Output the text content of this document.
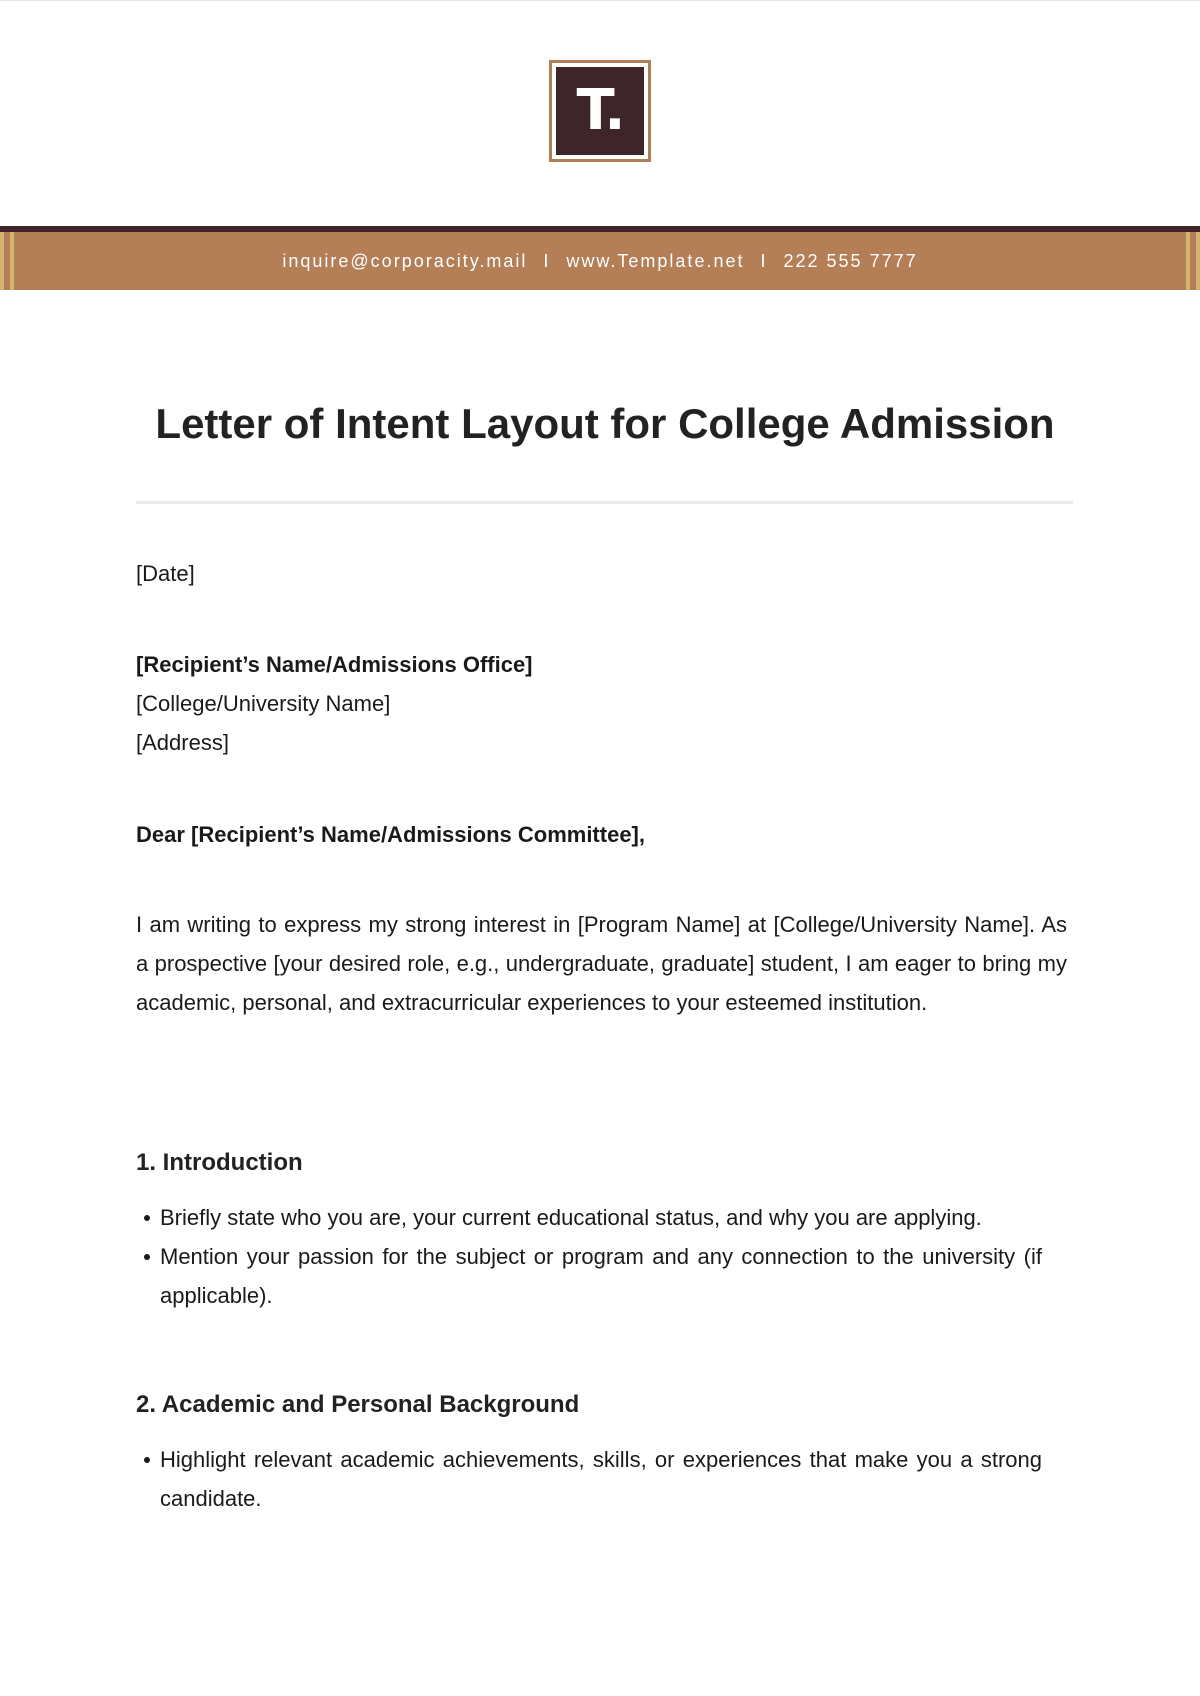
T.
inquire@corporacity.mail I www.Template.net I 222 555 7777
Letter of Intent Layout for College Admission

[Date]

[Recipient’s Name/Admissions Office]

[College/University Name]

[Address]

Dear [Recipient’s Name/Admissions Committee],

I am writing to express my strong interest in [Program Name] at [College/University Name]. As a prospective [your desired role, e.g., undergraduate, graduate] student, I am eager to bring my academic, personal, and extracurricular experiences to your esteemed institution.

1. Introduction
Briefly state who you are, your current educational status, and why you are applying.
Mention your passion for the subject or program and any connection to the university (if applicable).
2. Academic and Personal Background
Highlight relevant academic achievements, skills, or experiences that make you a strong candidate.
